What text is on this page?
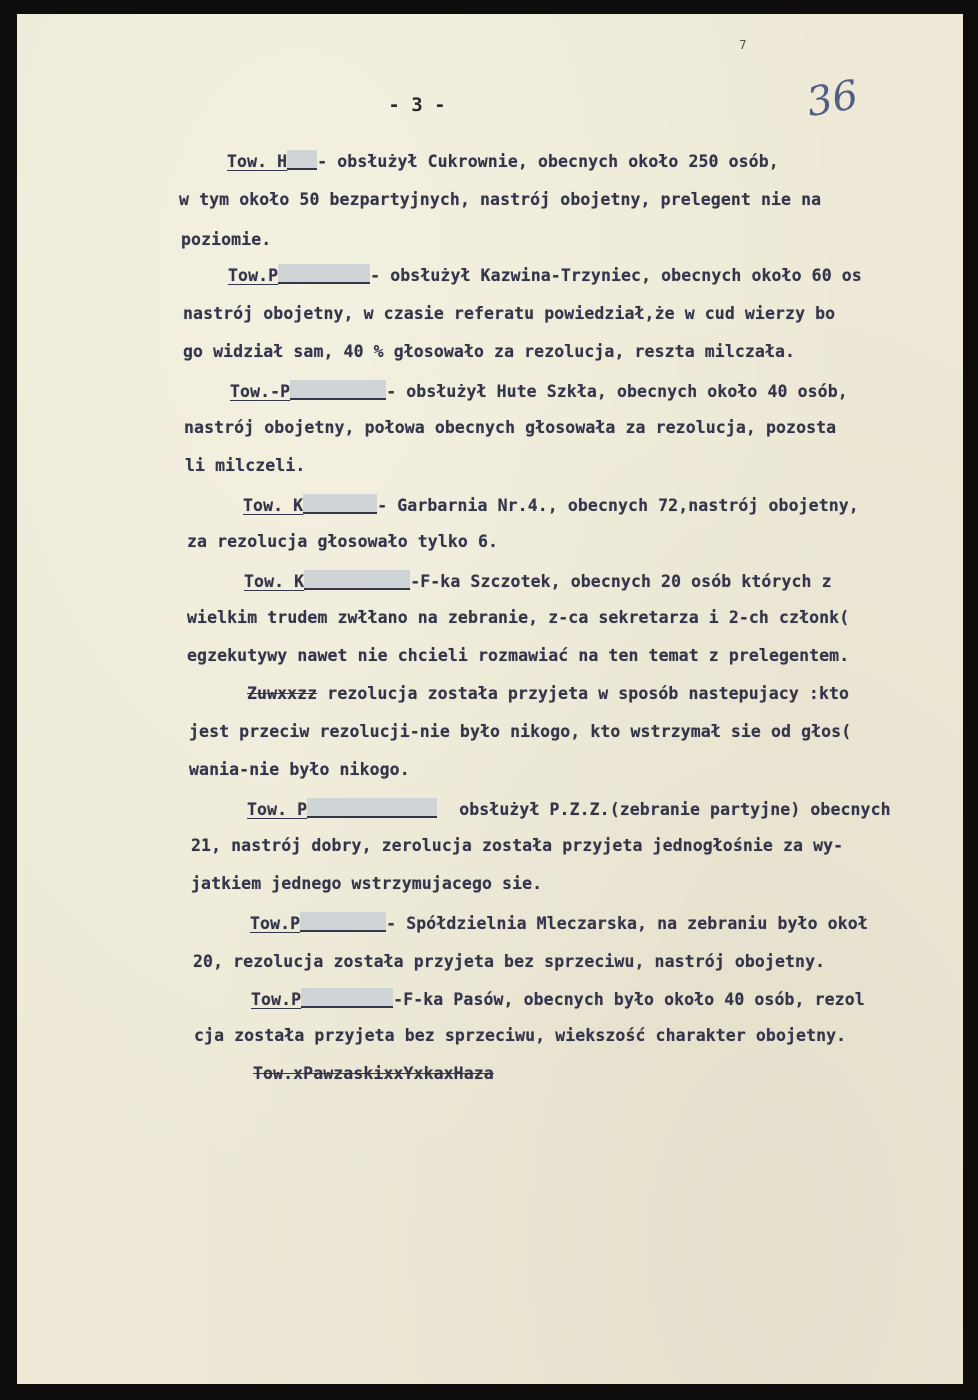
7
- 3 -	36
Tow. H - obsłużył Cukrownie, obecnych około 250 osób,
w tym około 50 bezpartyjnych, nastrój obojetny, prelegent nie na
poziomie.
Tow.P	- obsłużył Kazwina-Trzyniec, obecnych około 60 os
nastrój obojetny, w czasie referatu powiedział,że w cud wierzy bo
go widział sam, 40 % głosowało za rezolucja, reszta milczała.
Tow.-P	- obsłużył Hute Szkła, obecnych około 40 osób,
nastrój obojetny, połowa obecnych głosowała za rezolucja, pozosta
li milczeli.
Tow. K	- Garbarnia Nr.4., obecnych 72,nastrój obojetny,
za rezolucja głosowało tylko 6.
Tow. K	-F-ka Szczotek, obecnych 20 osób których z
wielkim trudem zwłłano na zebranie, z-ca sekretarza i 2-ch członk(
egzekutywy nawet nie chcieli rozmawiać na ten temat z prelegentem.
Zuwxxzz rezolucja została przyjeta w sposób nastepujacy :kto
jest przeciw rezolucji-nie było nikogo, kto wstrzymał sie od głos(
wania-nie było nikogo.
Tow. P	obsłużył P.Z.Z.(zebranie partyjne) obecnych
21, nastrój dobry, zerolucja została przyjeta jednogłośnie za wy-
jatkiem jednego wstrzymujacego sie.
Tow.P	- Spółdzielnia Mleczarska, na zebraniu było okoł
20, rezolucja została przyjeta bez sprzeciwu, nastrój obojetny.
Tow.P	-F-ka Pasów, obecnych było około 40 osób, rezol
cja została przyjeta bez sprzeciwu, wiekszość charakter obojetny.
Tow.xPawzaskixxYxkaxHaza
